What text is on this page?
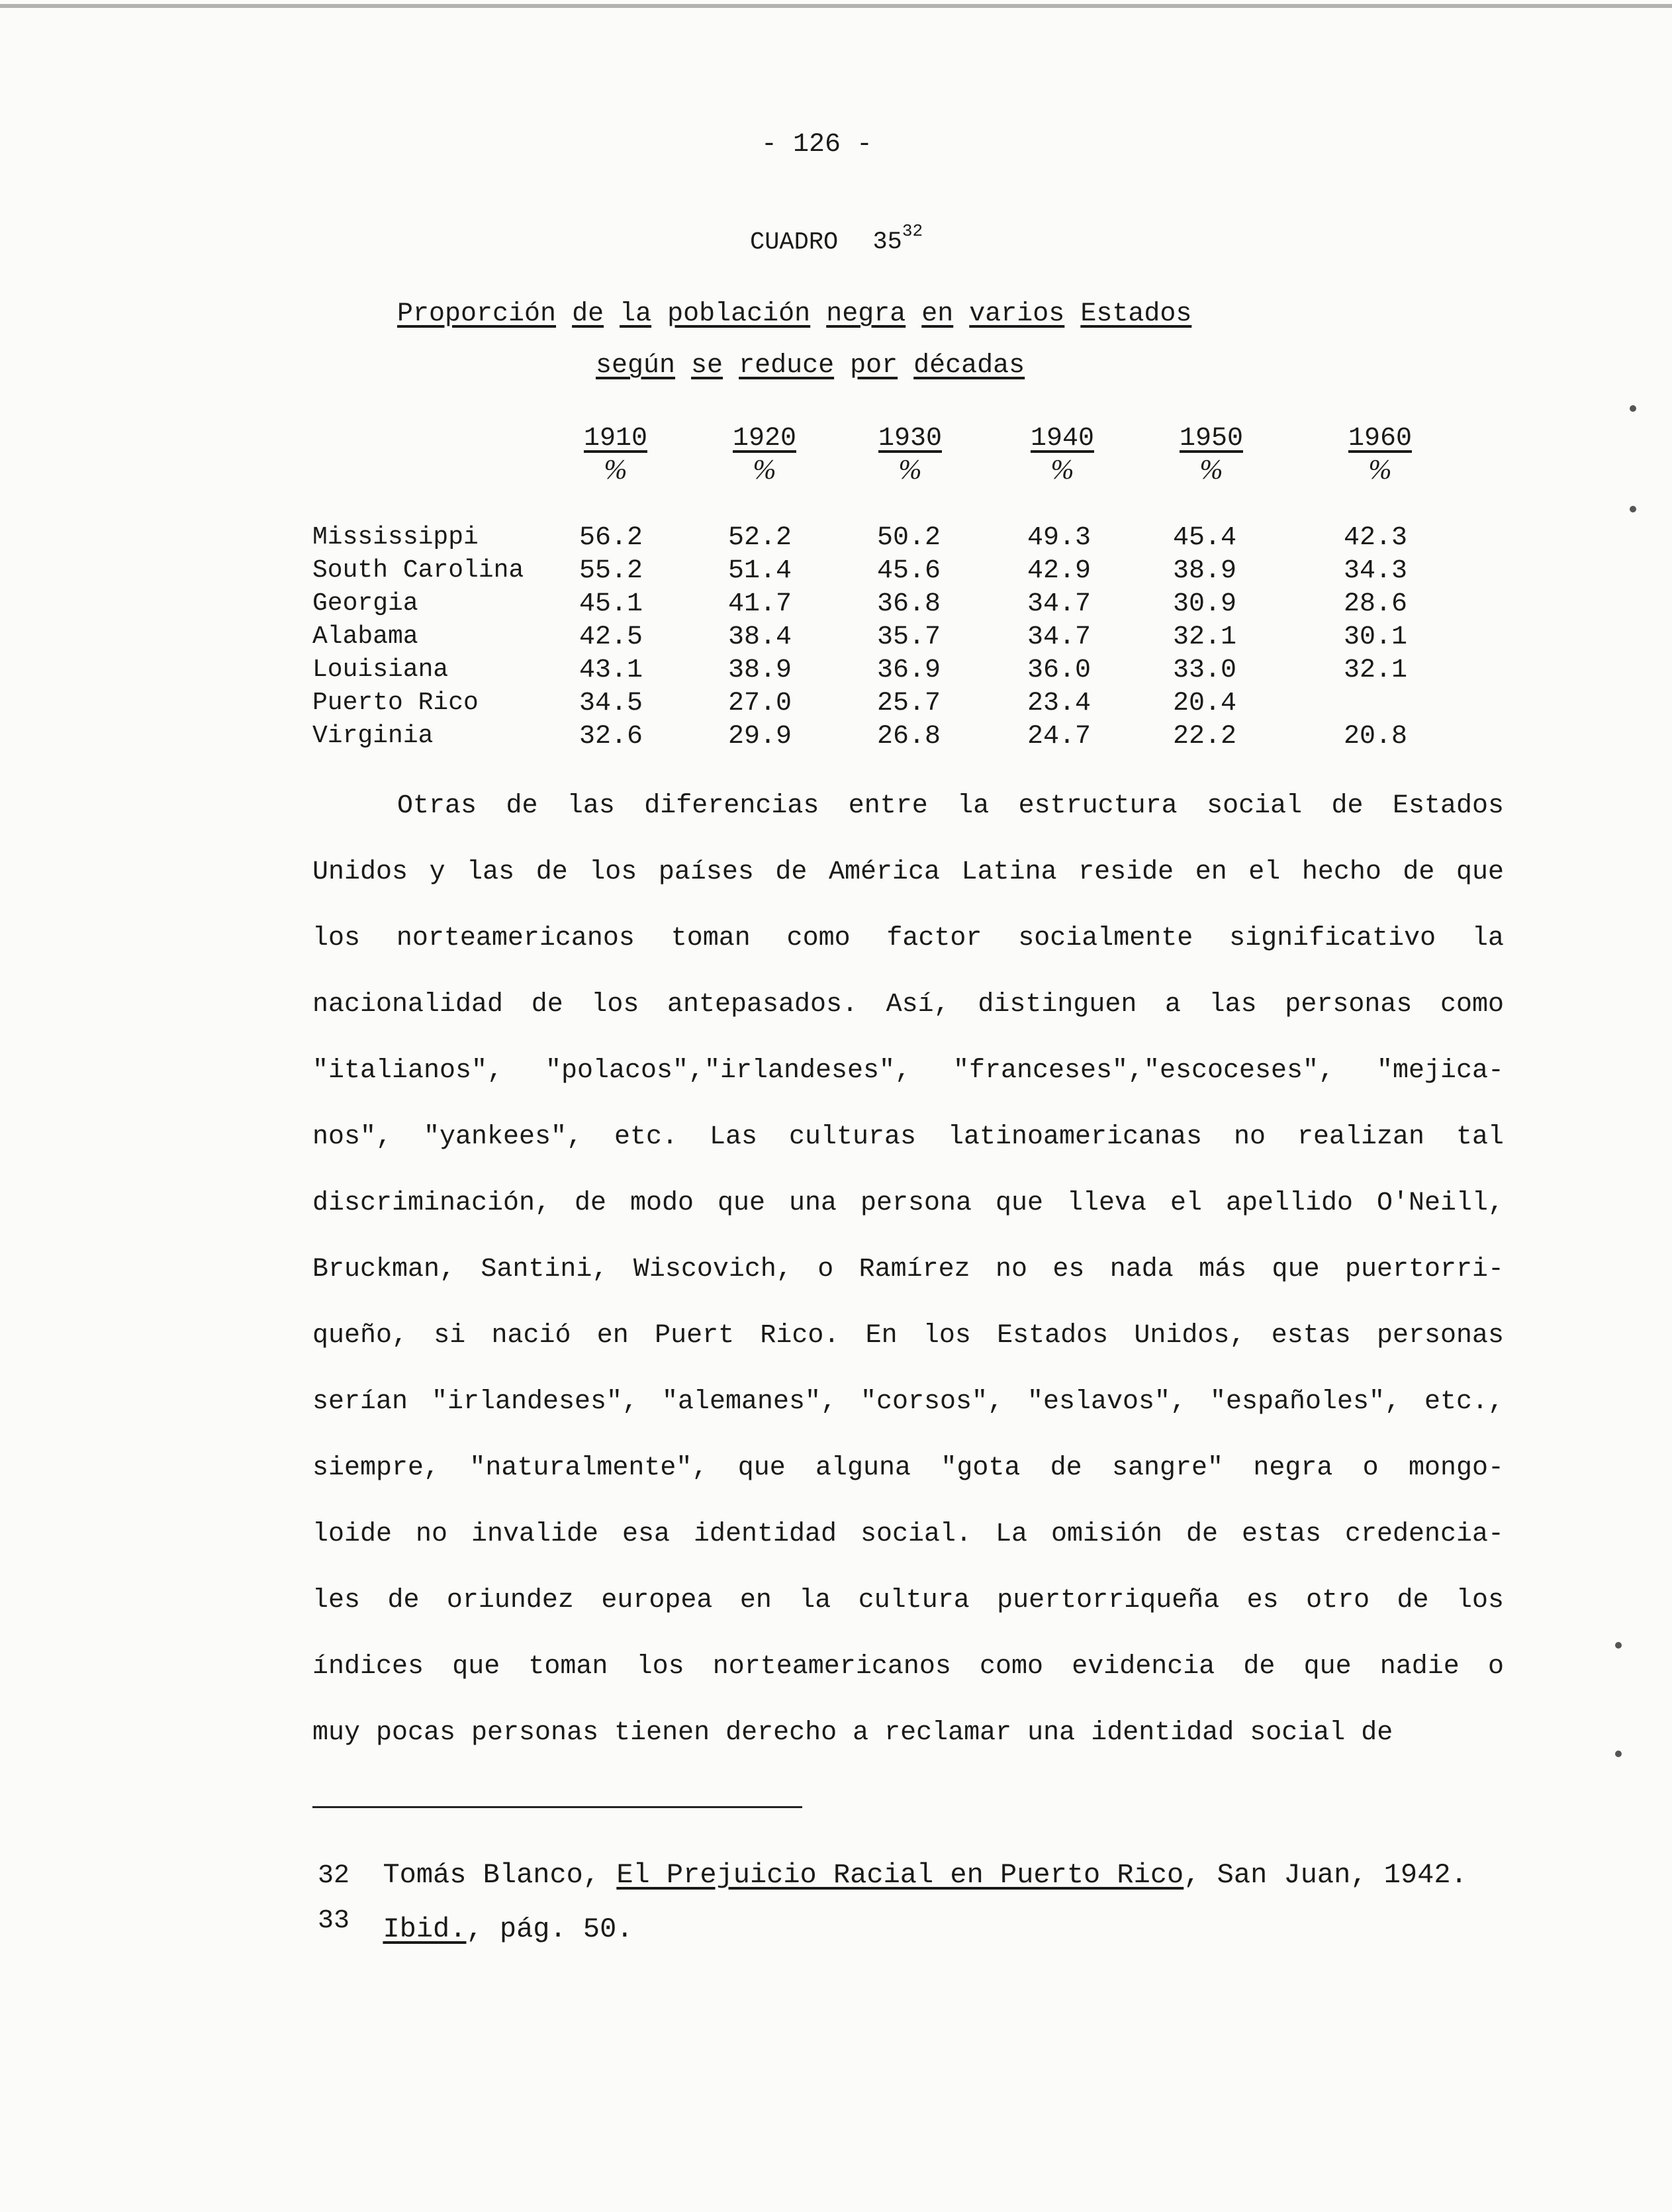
- 126 -
CUADRO $35^{32}$
Proporción de la población negra en varios Estados
según se reduce por décadas
1910	1920	1930	1940	1950	1960
%	%	%	%	%	%
Mississippi	56.2	52.2	50.2	49.3	45.4	42.3
South Carolina 55.2	51.4	45.6	42.9	38.9	34.3
Georgia	45.1	41.7	36.8	34.7	30.9	28.6
Alabama	42.5	38.4	35.7	34.7	32.1	30.1
Louisiana	43.1	38.9	36.9	36.0	33.0	32.1
Puerto Rico	34.5	27.0	25.7	23.4	20.4
Virginia	32.6	29.9	26.8	24.7	22.2	20.8

Otras de las diferencias entre la estructura social de Estados

Unidos y las de los países de América Latina reside en el hecho de que

los norteamericanos toman como factor socialmente significativo la

nacionalidad de los antepasados. Así, distinguen a las personas como

"italianos", "polacos","irlandeses", "franceses","escoceses", "mejica-

nos", "yankees", etc. Las culturas latinoamericanas no realizan tal

discriminación, de modo que una persona que lleva el apellido O'Neill,

Bruckman, Santini, Wiscovich, o Ramírez no es nada más que puertorri-

queño, si nació en Puert Rico. En los Estados Unidos, estas personas

serían "irlandeses", "alemanes", "corsos", "eslavos", "españoles", etc.,

siempre, "naturalmente", que alguna "gota de sangre" negra o mongo-

loide no invalide esa identidad social. La omisión de estas credencia-

les de oriundez europea en la cultura puertorriqueña es otro de los

índices que toman los norteamericanos como evidencia de que nadie o

muy pocas personas tienen derecho a reclamar una identidad social de

32 Tomás Blanco, El Prejuicio Racial en Puerto Rico, San Juan, 1942.
33 Ibid., pág. 50.
